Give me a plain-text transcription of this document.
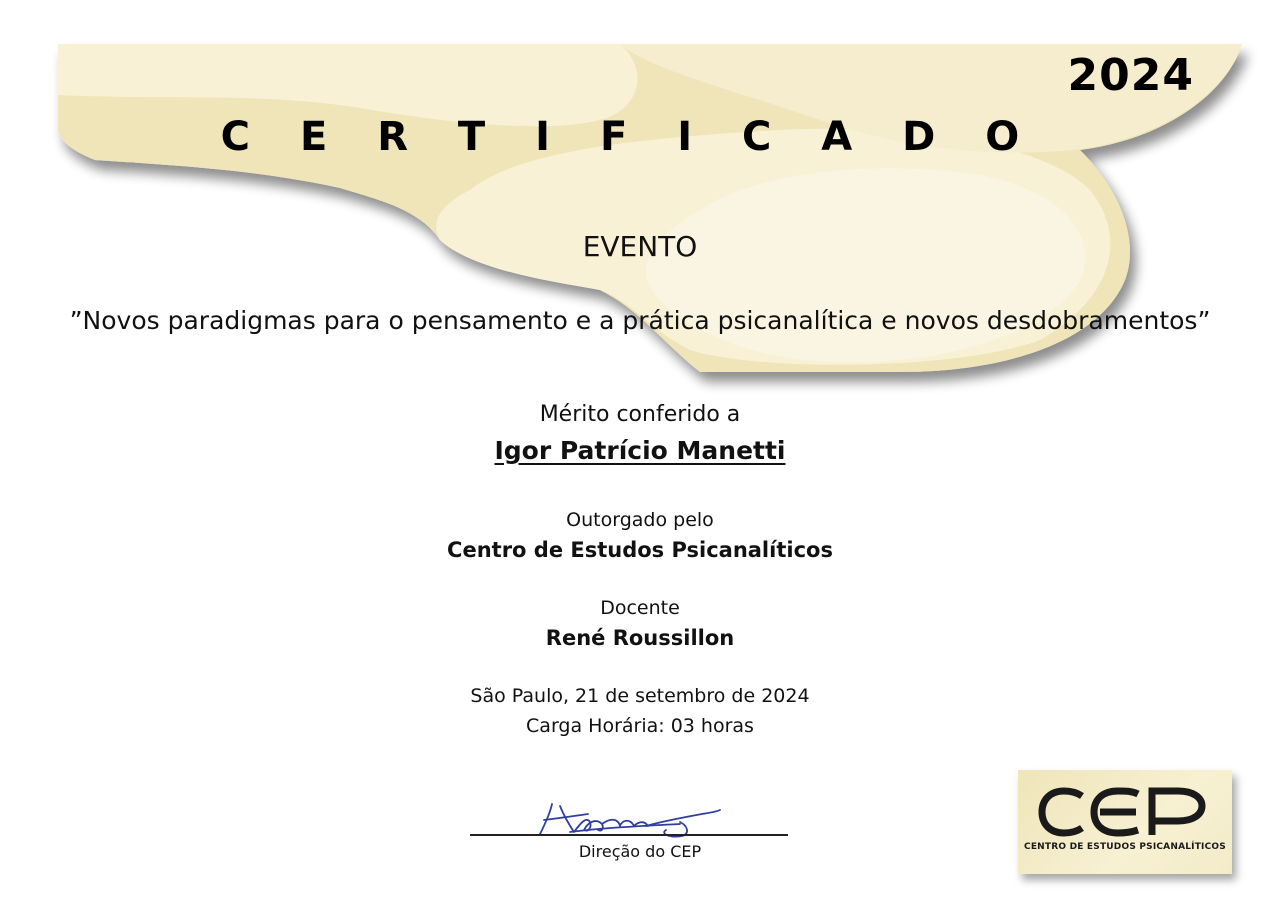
2024
C E R T I F I C A D O
EVENTO
”Novos paradigmas para o pensamento e a prática psicanalítica e novos desdobramentos”
Mérito conferido a
Igor Patrício Manetti
Outorgado pelo
Centro de Estudos Psicanalíticos
Docente
René Roussillon
São Paulo, 21 de setembro de 2024
Carga Horária: 03 horas
Direção do CEP	CENTRO DE ESTUDOS PSICANALÍTICOS
